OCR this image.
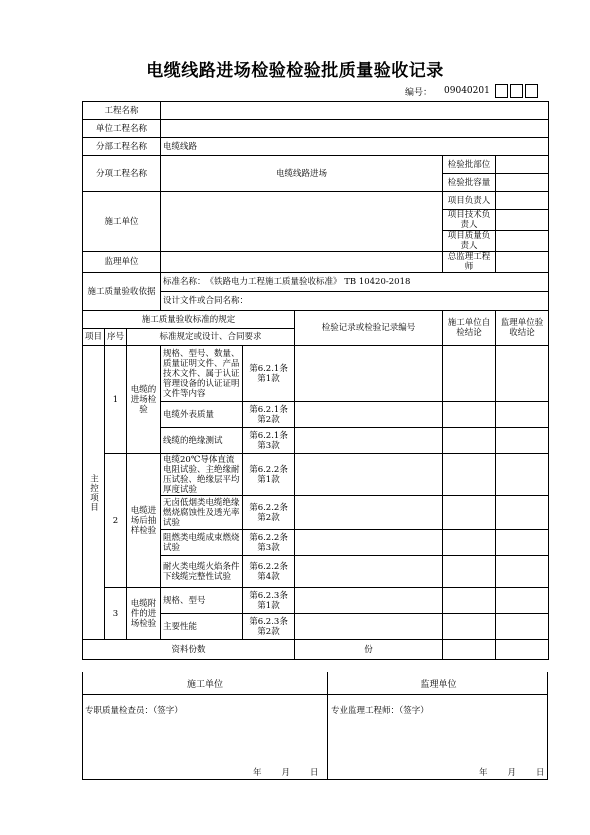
电缆线路进场检验检验批质量验收记录
编号： 09040201
工程名称							
单位工程名称							
分部工程名称			电缆线路				
分项工程名称			电缆线路进场			检验批部位	
						检验批容量	
施工单位						项目负责人	
						项目技术负责人	
						项目质量负责人	
监理单位						总监理工程师	
施工质量验收依据			标准名称：　《铁路电力工程施工质量验收标准》 TB 10420-2018				
			设计文件或合同名称：				
施工质量验收标准的规定					检验记录或检验记录编号	施工单位自检结论	监理单位验收结论
项目	序号	标准规定或设计、合同要求					
主控项目	1	电缆的进场检验	规格、型号、数量、质量证明文件、产品技术文件、属于认证管理设备的认证证明文件等内容	第6.2.1条第1款			
			电缆外表质量	第6.2.1条第2款			
			线缆的绝缘测试	第6.2.1条第3款			
	2	电缆进场后抽样检验	电缆20℃导体直流电阻试验、主绝缘耐压试验、绝缘层平均厚度试验	第6.2.2条第1款			
			无卤低烟类电缆绝缘燃烧腐蚀性及透光率试验	第6.2.2条第2款			
			阻燃类电缆成束燃烧试验	第6.2.2条第3款			
			耐火类电缆火焰条件下线缆完整性试验	第6.2.2条第4款			
	3	电缆附件的进场检验	规格、型号	第6.2.3条第1款			
			主要性能	第6.2.3条第2款			
资料份数					份		
施工单位	监理单位
专职质量检查员：（签字）	专业监理工程师：（签字）
年　　月　　日	年　　月　　日
